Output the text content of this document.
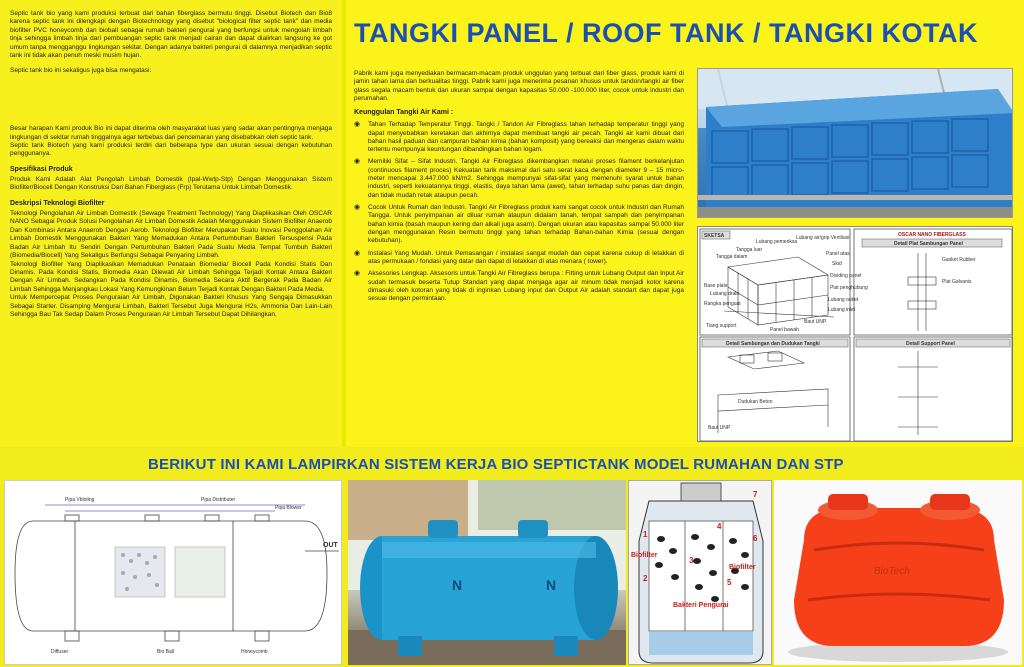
Septic tank bio yang kami produksi terbuat dari bahan fiberglass bermutu tinggi. Disebut Biotech dan Bio8 karena septic tank ini dilengkapi dengan Biotechnology yang disebut "biological filter septic tank" dan media biofilter PVC honeycomb dan bioball sebagai rumah bakteri pengurai yang berfungsi untuk mengolah limbah tinja sehingga limbah tinja dari pembuangan septic tank menjadi cairan dan dapat dialirkan langsung ke got umum tanpa mengganggu lingkungan sekitar. Dengan adanya bakteri pengurai di dalamnya menjadikan septic tank ini tidak akan penuh meski musim hujan.

Septic tank bio ini sekaligus juga bisa mengatasi:

Besar harapan Kami produk Bio ini dapat diterima oleh masyarakat luas yang sadar akan pentingnya menjaga lingkungan di sekitar rumah tinggalnya agar terbebas dari pencemaran yang disebabkan oleh septic tank.

Septic tank Biotech yang kami produksi terdiri dari beberapa type dan ukuran sesuai dengan kebutuhan penggunanya.

Spesifikasi Produk

Produk Kami Adalah Alat Pengolah Limbah Domestik (Ipal-Wwtp-Stp) Dengan Menggunakan Sistem Biofilter/Biocell Dengan Konstruksi Dari Bahan Fiberglass (Frp) Terutama Untuk Limbah Domestik.

Deskripsi Teknologi Biofilter

Teknologi Pengolahan Air Limbah Domestik (Sewage Treatment Technology) Yang Diaplikasikan Oleh OSCAR NANO Sebagai Produk Solusi Pengolahan Air Limbah Domestik Adalah Menggunakan Sistem Biofilter Anaerob Dan Kombinasi Antara Anaerob Dengan Aerob. Teknologi Biofilter Merupakan Suatu Inovasi Penggolahan Air Limbah Domestik Menggunakan Bakteri Yang Memadukan Antara Pertumbuhan Bakteri Tersuspensi Pada Badan Air Limbah Itu Sendiri Dengan Pertumbuhan Bakteri Pada Suatu Media Tempat Tumbuh Bakteri (Biomedia/Biocell) Yang Sekaligus Berfungsi Sebagai Penyaring Limbah.

Teknologi Biofilter Yang Diaplikasikan Memadukan Penataan Biomedia/ Biocell Pada Kondisi Statis Dan Dinamis. Pada Kondisi Statis, Biomedia Akan Dilewati Air Limbah Sehingga Terjadi Kontak Antara Bakteri Dengan Air Limbah. Sedangkan Pada Kondisi Dinamis, Biomedia Secara Aktif Bergerak Pada Badan Air Limbah Sehingga Menjangkau Lokasi Yang Kemungkinan Belum Terjadi Kontak Dengan Bakteri Pada Media.

Untuk Mempercepat Proses Penguraian Air Limbah, Digunakan Bakteri Khusus Yang Sengaja Dimasukkan Sebagai Starter. Disamping Mengurai Limbah, Bakteri Tersebut Juga Mengurai H2s, Ammonia Dan Lain-Lain Sehingga Bau Tak Sedap Dalam Proses Penguraian Air Limbah Tersebut Dapat Dihilangkan.

TANGKI PANEL / ROOF TANK / TANGKI KOTAK

Pabrik kami juga menyediakan bermacam-macam produk unggulan yang terbuat dari fiber glass, produk kami di jamin tahan lama dan berkualitas tinggi. Pabrik kami juga menerima pesanan khusus untuk tandon/tangki air fiber glass segala macam bentuk dan ukuran sampai dengan kapasitas 50.000 -100.000 liter, cocok untuk industri dan perumahan.

Keunggulan Tangki Air Kami :
◉ Tahan Terhadap Temperatur Tinggi. Tangki / Tandon Air Fibreglass tahan terhadap temperatur tinggi yang dapat menyebabkan keretakan dan akhirnya dapat membuat tangki air pecah. Tangki air kami dibuat dari bahan hasil paduan dan campuran bahan kimia (bahan komposit) yang bereaksi dan mengeras dalam waktu tertentu mempunyai keuntungan dibandingkan bahan logam.
◉ Memiliki Sifat – Sifat Industri. Tangki Air Fibreglass dikembangkan melalui proses filament berkelanjutan (continuous filament proces) Kekuatan tarik maksimal dari satu serat kaca dengan diameter 9 – 15 micro-meter mencapai 3.447.000 kN/m2. Sehingga mempunyai sifat-sifat yang memenuhi syarat untuk bahan industri, seperti kekuatannya tinggi, elastis, daya tahan lama (awet), tahan terhadap suhu panas dan dingin, dan tidak mudah retak ataupun pecah.
◉ Cocok Untuk Rumah dan Industri. Tangki Air Fibreglass produk kami sangat cocok untuk Industri dan Rumah Tangga. Untuk penyimpanan air diluar rumah ataupun didalam tanah, tempat sampah dan penyimpanan bahan kimia (basah maupun kering dan alkali juga asam). Dengan ukuran atau kapasitas sampai 50.000 liter dengan menggunakan Resin bermutu tinggi yang tahan terhadap Bahan-bahan Kimia (sesuai dengan kebutuhan).
◉ Instalasi Yang Mudah. Untuk Pemasangan / instalasi sangat mudah dan cepat karena cukup di letakkan di atas permukaan / fondasi yang datar dan dapat di letakkan di atas menara ( tower).
◉ Aksesories Lengkap. Aksesoris untuk Tangki Air Fibreglass berupa : Fitting untuk Lubang Output dan Input Air sudah termasuk beserta Tutup Standart yang dapat menjaga agar air minum tidak menjadi kotor karena dimasuki oleh kotoran yang tidak di inginkan Lubang input dan Output Air adalah standart dan dapat juga sesuai dengan permintaan.
SKETSA
Lubang pemeriksa
Lubang air/grip Ventilasi
Tangga luar
Tangga dalam	Panel atas
Skid
Dividing panel
Plat penghubung
Lubang outlet
Lubang inlet
Rangka penguat
Tiang support
Panel bawah
Baut UNP
Base plate
Lubang drain
OSCAR NANO FIBERGLASS
Detail Plat Sambungan Panel
Gasket Rubber
Plat Galvanis
Detail Sambungan dan Dudukan Tangki
Dudukan Beton
Baut UNP
Detail Support Panel
BERIKUT INI KAMI LAMPIRKAN SISTEM KERJA BIO SEPTICTANK MODEL RUMAHAN DAN STP
Pipa Vbloting	Pipa Distributer
Pipa Blower
OUT
Diffuser	Bio Ball	Honeycomb
N	N
1
2
3
4
5
6
7
Biofilter
Biofilter
Bakteri Pengurai
BioTech
